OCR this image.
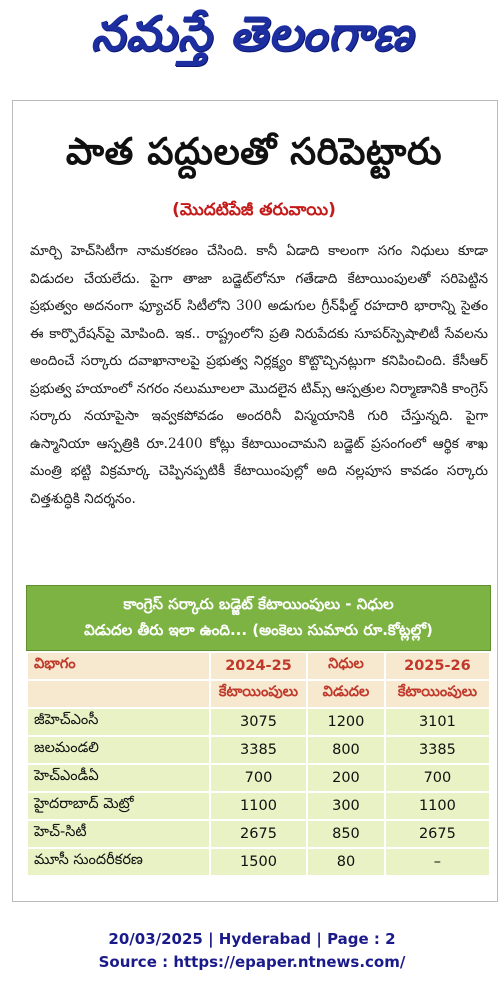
నమస్తే తెలంగాణ
పాత పద్దులతో సరిపెట్టారు
(మొదటిపేజీ తరువాయి)
మార్చి హెచ్‌సిటీగా నామకరణం చేసింది. కానీ ఏడాది కాలంగా సగం నిధులు కూడా విడుదల చేయలేదు. పైగా తాజా బడ్జెట్‌లోనూ గతేడాది కేటాయింపులతో సరిపెట్టిన ప్రభుత్వం అదనంగా ఫ్యూచర్ సిటీలోని 300 అడుగుల గ్రీన్‌ఫీల్డ్ రహదారి భారాన్ని సైతం ఈ కార్పొరేషన్‌పై మోపింది. ఇక.. రాష్ట్రంలోని ప్రతి నిరుపేదకు సూపర్‌స్పెషాలిటీ సేవలను అందించే సర్కారు దవాఖానాలపై ప్రభుత్వ నిర్లక్ష్యం కొట్టొచ్చినట్లుగా కనిపించింది. కేసీఆర్ ప్రభుత్వ హయాంలో నగరం నలుమూలలా మొదలైన టిమ్స్ ఆస్పత్రుల నిర్మాణానికి కాంగ్రెస్ సర్కారు నయాపైసా ఇవ్వకపోవడం అందరినీ విస్మయానికి గురి చేస్తున్నది. పైగా ఉస్మానియా ఆస్పత్రికి రూ.2400 కోట్లు కేటాయించామని బడ్జెట్ ప్రసంగంలో ఆర్థిక శాఖ మంత్రి భట్టి విక్రమార్క చెప్పినప్పటికీ కేటాయింపుల్లో అది నల్లపూస కావడం సర్కారు చిత్తశుద్ధికి నిదర్శనం.
కాంగ్రెస్ సర్కారు బడ్జెట్ కేటాయింపులు - నిధుల
విడుదల తీరు ఇలా ఉంది... (అంకెలు సుమారు రూ.కోట్లల్లో)
విభాగం	2024-25	నిధుల	2025-26
	కేటాయింపులు	విడుదల	కేటాయింపులు
జీహెచ్ఎంసీ	3075	1200	3101
జలమండలి	3385	800	3385
హెచ్ఎండీఏ	700	200	700
హైదరాబాద్ మెట్రో	1100	300	1100
హెచ్-సిటీ	2675	850	2675
మూసీ సుందరీకరణ	1500	80	–
20/03/2025 | Hyderabad | Page : 2
Source : https://epaper.ntnews.com/
